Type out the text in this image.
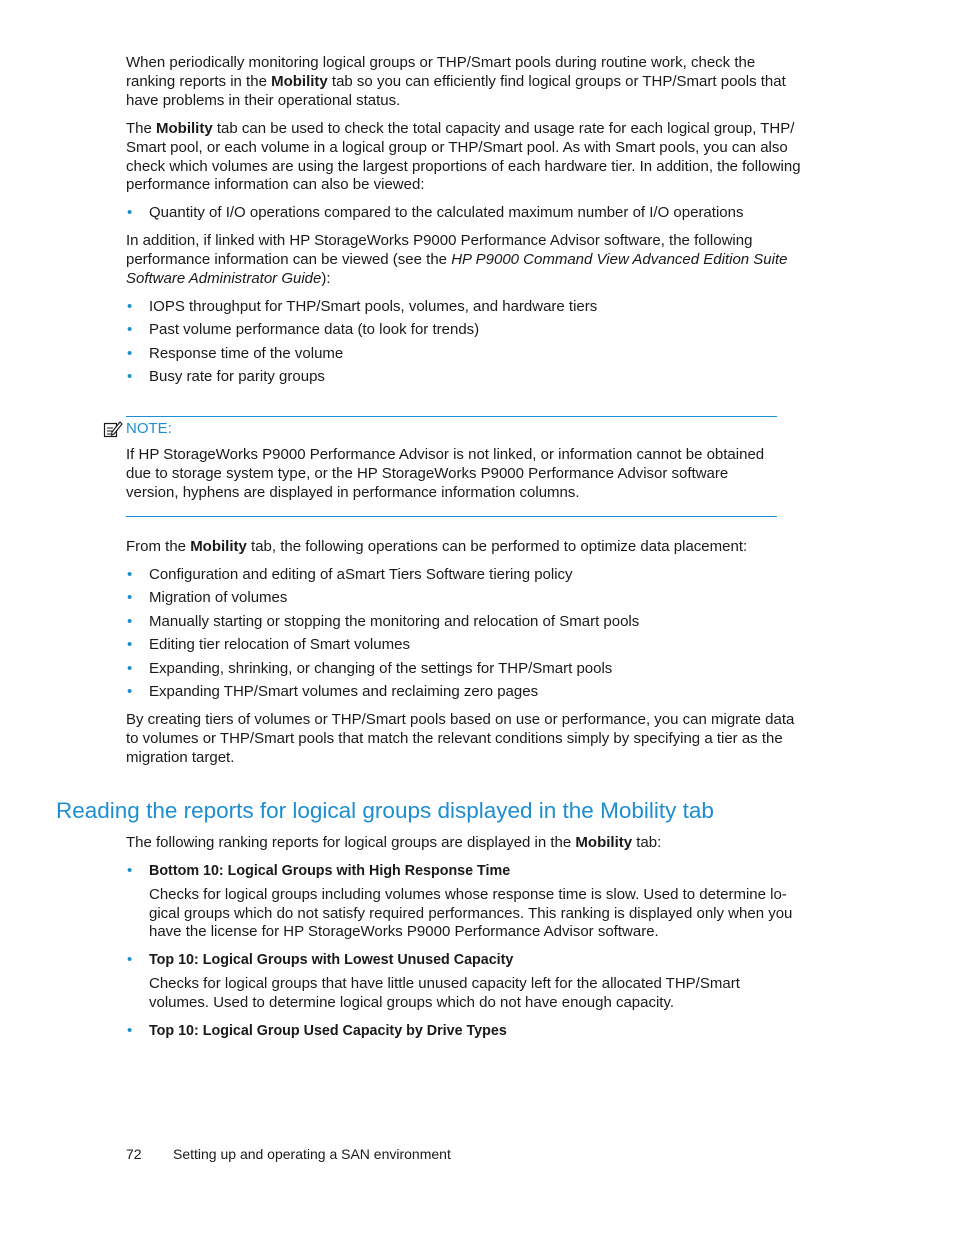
When periodically monitoring logical groups or THP/Smart pools during routine work, check the ranking reports in the Mobility tab so you can efficiently find logical groups or THP/Smart pools that have problems in their operational status.

The Mobility tab can be used to check the total capacity and usage rate for each logical group, THP/ Smart pool, or each volume in a logical group or THP/Smart pool. As with Smart pools, you can also check which volumes are using the largest proportions of each hardware tier. In addition, the following performance information can also be viewed:

• Quantity of I/O operations compared to the calculated maximum number of I/O operations

In addition, if linked with HP StorageWorks P9000 Performance Advisor software, the following performance information can be viewed (see the HP P9000 Command View Advanced Edition Suite Software Administrator Guide):

• IOPS throughput for THP/Smart pools, volumes, and hardware tiers
• Past volume performance data (to look for trends)
• Response time of the volume
• Busy rate for parity groups
NOTE:

If HP StorageWorks P9000 Performance Advisor is not linked, or information cannot be obtained due to storage system type, or the HP StorageWorks P9000 Performance Advisor software version, hyphens are displayed in performance information columns.

From the Mobility tab, the following operations can be performed to optimize data placement:

• Configuration and editing of aSmart Tiers Software tiering policy
• Migration of volumes
• Manually starting or stopping the monitoring and relocation of Smart pools
• Editing tier relocation of Smart volumes
• Expanding, shrinking, or changing of the settings for THP/Smart pools
• Expanding THP/Smart volumes and reclaiming zero pages

By creating tiers of volumes or THP/Smart pools based on use or performance, you can migrate data to volumes or THP/Smart pools that match the relevant conditions simply by specifying a tier as the migration target.

Reading the reports for logical groups displayed in the Mobility tab

The following ranking reports for logical groups are displayed in the Mobility tab:

• Bottom 10: Logical Groups with High Response Time
Checks for logical groups including volumes whose response time is slow. Used to determine lo- gical groups which do not satisfy required performances. This ranking is displayed only when you have the license for HP StorageWorks P9000 Performance Advisor software.
• Top 10: Logical Groups with Lowest Unused Capacity
Checks for logical groups that have little unused capacity left for the allocated THP/Smart volumes. Used to determine logical groups which do not have enough capacity.
• Top 10: Logical Group Used Capacity by Drive Types
72 Setting up and operating a SAN environment
